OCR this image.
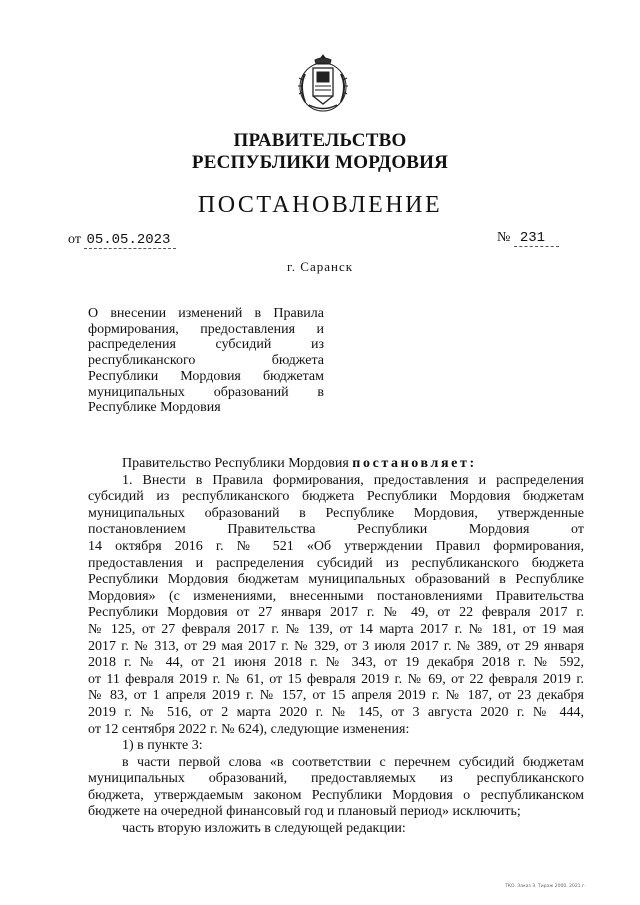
ПРАВИТЕЛЬСТВО
РЕСПУБЛИКИ МОРДОВИЯ
ПОСТАНОВЛЕНИЕ
от 05.05.2023	№ 231
г. Саранск
О внесении изменений в Правила
формирования, предоставления и
распределения субсидий из
республиканского бюджета
Республики Мордовия бюджетам
муниципальных образований в
Республике Мордовия
Правительство Республики Мордовия постановляет:
1. Внести в Правила формирования, предоставления и распределения
субсидий из республиканского бюджета Республики Мордовия бюджетам
муниципальных образований в Республике Мордовия, утвержденные
постановлением Правительства Республики Мордовия от
14 октября 2016 г. № 521 «Об утверждении Правил формирования,
предоставления и распределения субсидий из республиканского бюджета
Республики Мордовия бюджетам муниципальных образований в Республике
Мордовия» (с изменениями, внесенными постановлениями Правительства
Республики Мордовия от 27 января 2017 г. № 49, от 22 февраля 2017 г.
№ 125, от 27 февраля 2017 г. № 139, от 14 марта 2017 г. № 181, от 19 мая
2017 г. № 313, от 29 мая 2017 г. № 329, от 3 июля 2017 г. № 389, от 29 января
2018 г. № 44, от 21 июня 2018 г. № 343, от 19 декабря 2018 г. № 592,
от 11 февраля 2019 г. № 61, от 15 февраля 2019 г. № 69, от 22 февраля 2019 г.
№ 83, от 1 апреля 2019 г. № 157, от 15 апреля 2019 г. № 187, от 23 декабря
2019 г. № 516, от 2 марта 2020 г. № 145, от 3 августа 2020 г. № 444,
от 12 сентября 2022 г. № 624), следующие изменения:
1) в пункте 3:
в части первой слова «в соответствии с перечнем субсидий бюджетам
муниципальных образований, предоставляемых из республиканского
бюджета, утверждаемым законом Республики Мордовия о республиканском
бюджете на очередной финансовый год и плановый период» исключить;
часть вторую изложить в следующей редакции:
ТКО. Заказ 3. Тираж 2000. 2021 г.
